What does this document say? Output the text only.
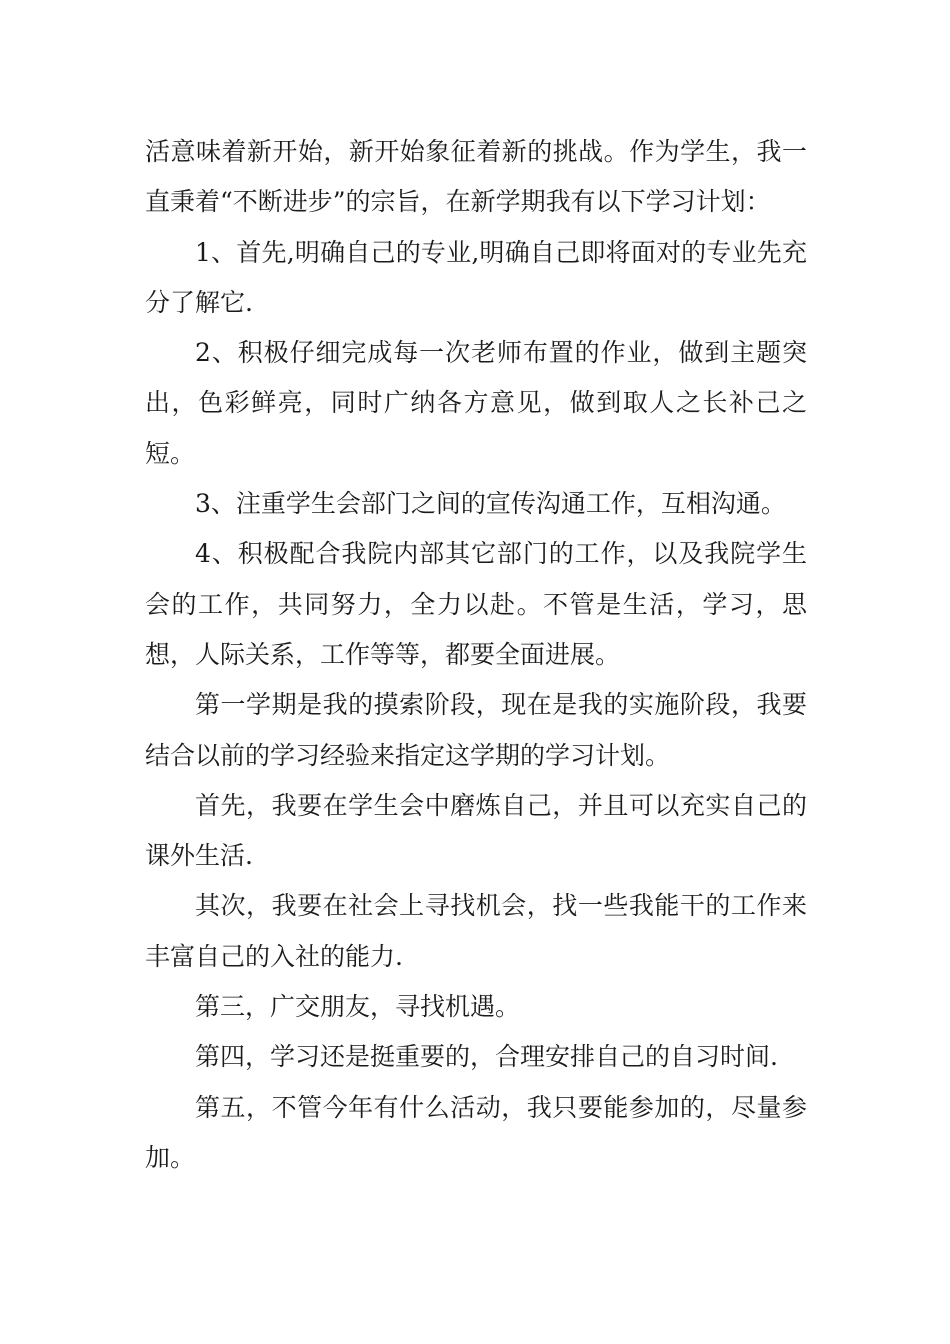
活意味着新开始，新开始象征着新的挑战。作为学生，我一直秉着“不断进步”的宗旨，在新学期我有以下学习计划：

1、首先,明确自己的专业,明确自己即将面对的专业先充分了解它.

2、积极仔细完成每一次老师布置的作业，做到主题突出，色彩鲜亮，同时广纳各方意见，做到取人之长补己之短。

3、注重学生会部门之间的宣传沟通工作，互相沟通。

4、积极配合我院内部其它部门的工作，以及我院学生会的工作，共同努力，全力以赴。不管是生活，学习，思想，人际关系，工作等等，都要全面进展。

第一学期是我的摸索阶段，现在是我的实施阶段，我要结合以前的学习经验来指定这学期的学习计划。

首先，我要在学生会中磨炼自己，并且可以充实自己的课外生活.

其次，我要在社会上寻找机会，找一些我能干的工作来丰富自己的入社的能力.

第三，广交朋友，寻找机遇。

第四，学习还是挺重要的，合理安排自己的自习时间.

第五，不管今年有什么活动，我只要能参加的，尽量参加。
